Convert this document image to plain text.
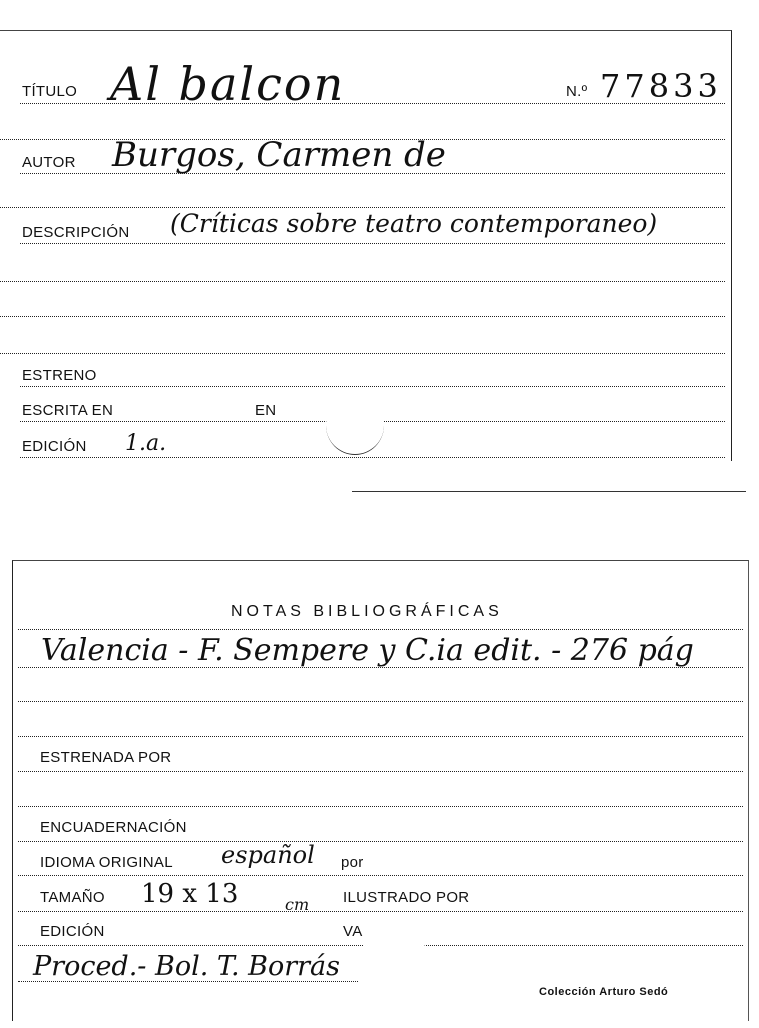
TÍTULO Al balcon	N.º 77833
AUTOR Burgos, Carmen de
DESCRIPCIÓN (Críticas sobre teatro contemporaneo)
ESTRENO
ESCRITA EN	EN
EDICIÓN 1.a.
NOTAS BIBLIOGRÁFICAS
Valencia - F. Sempere y C.ia edit. - 276 pág
ESTRENADA POR
ENCUADERNACIÓN
IDIOMA ORIGINAL español por
TAMAÑO 19 x 13	cm ILUSTRADO POR
EDICIÓN	VA
Proced.- Bol. T. Borrás
Colección Arturo Sedó
